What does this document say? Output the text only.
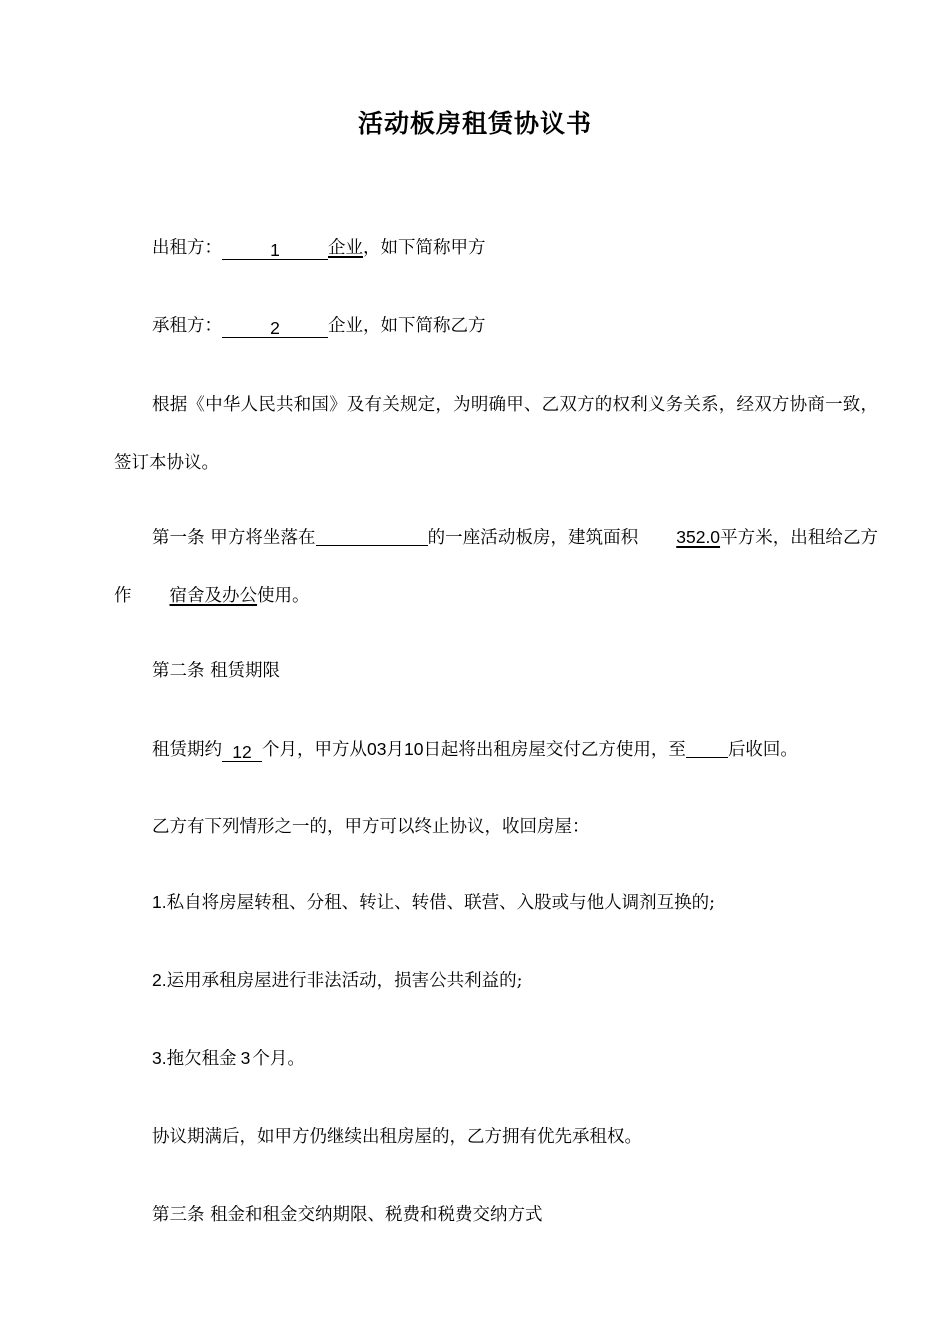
活动板房租赁协议书
出租方：	1	企业，如下简称甲方
承租方：	2	企业，如下简称乙方
根据《中华人民共和国》及有关规定，为明确甲、乙双方的权利义务关系，经双方协商一致，签订本协议。
第一条 甲方将坐落在	的一座活动板房，建筑面积 352.0平方米，出租给乙方作 宿舍及办公使用。
第二条 租赁期限
租赁期约 12 个月，甲方从03月10日起将出租房屋交付乙方使用，至 后收回。
乙方有下列情形之一的，甲方可以终止协议，收回房屋：
1.私自将房屋转租、分租、转让、转借、联营、入股或与他人调剂互换的;
2.运用承租房屋进行非法活动，损害公共利益的;
3.拖欠租金 3 个月。
协议期满后，如甲方仍继续出租房屋的，乙方拥有优先承租权。
第三条 租金和租金交纳期限、税费和税费交纳方式
